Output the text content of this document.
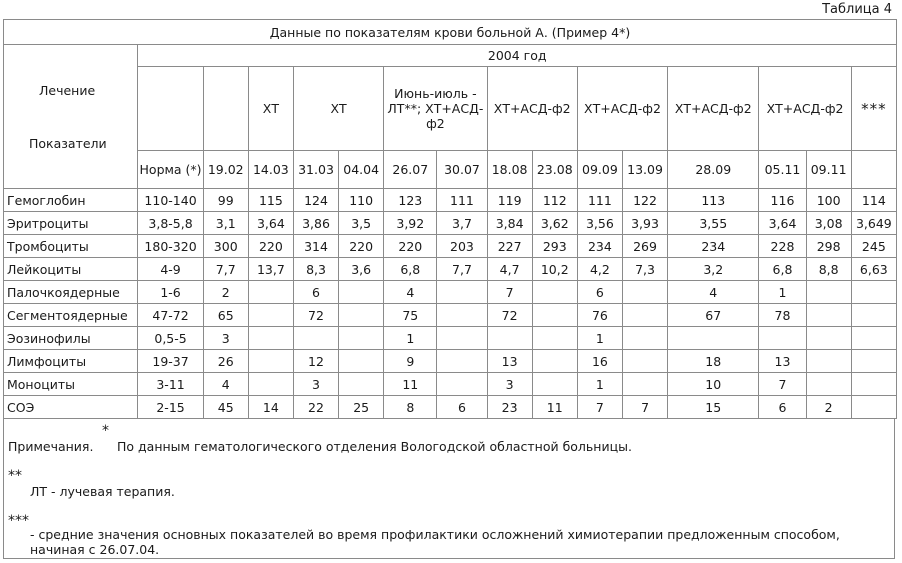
Таблица 4
Данные по показателям крови больной А. (Пример 4*)															

Лечение
Показатели	2004 год														
			ХТ	ХТ		Июнь-июль - ЛТ**; ХТ+АСД-ф2		ХТ+АСД-ф2		ХТ+АСД-ф2		ХТ+АСД-ф2	ХТ+АСД-ф2		***
	Норма (*)	19.02	14.03	31.03	04.04	26.07	30.07	18.08	23.08	09.09	13.09	28.09	05.11	09.11	
Гемоглобин	110-140	99	115	124	110	123	111	119	112	111	122	113	116	100	114
Эритроциты	3,8-5,8	3,1	3,64	3,86	3,5	3,92	3,7	3,84	3,62	3,56	3,93	3,55	3,64	3,08	3,649
Тромбоциты	180-320	300	220	314	220	220	203	227	293	234	269	234	228	298	245
Лейкоциты	4-9	7,7	13,7	8,3	3,6	6,8	7,7	4,7	10,2	4,2	7,3	3,2	6,8	8,8	6,63
Палочкоядерные	1-6	2		6		4		7		6		4	1		
Сегментоядерные	47-72	65		72		75		72		76		67	78		
Эозинофилы	0,5-5	3				1				1					
Лимфоциты	19-37	26		12		9		13		16		18	13		
Моноциты	3-11	4		3		11		3		1		10	7		
СОЭ	2-15	45	14	22	25	8	6	23	11	7	7	15	6	2	
Примечания.
*
По данным гематологического отделения Вологодской областной больницы.
**
ЛТ - лучевая терапия.
***
- средние значения основных показателей во время профилактики осложнений химиотерапии предложенным способом, начиная с 26.07.04.
